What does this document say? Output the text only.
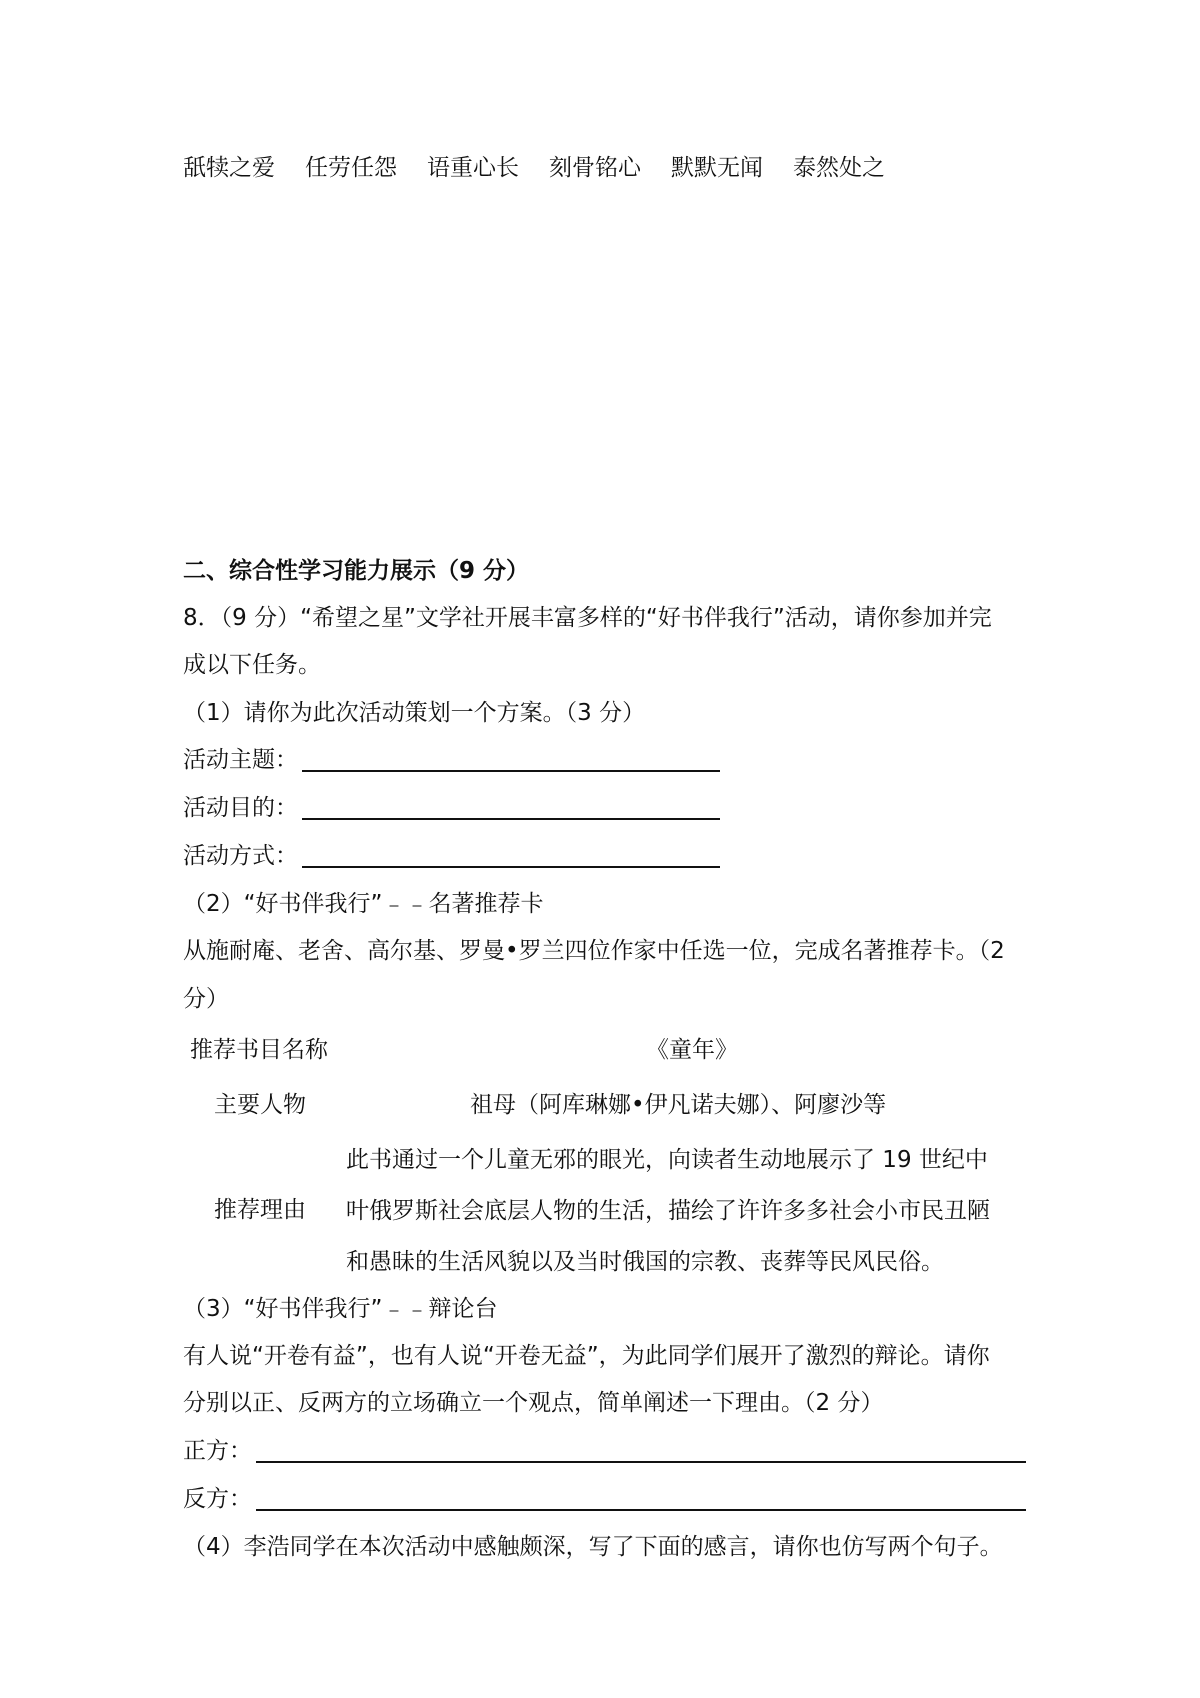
舐犊之爱 任劳任怨 语重心长 刻骨铭心 默默无闻 泰然处之
二、综合性学习能力展示（9 分）
8．（9 分）“希望之星”文学社开展丰富多样的“好书伴我行”活动，请你参加并完
成以下任务。
（1）请你为此次活动策划一个方案。（3 分）
活动主题：
活动目的：
活动方式：
（2）“好书伴我行”﹣﹣名著推荐卡
从施耐庵、老舍、高尔基、罗曼•罗兰四位作家中任选一位，完成名著推荐卡。（2
分）
推荐书目名称	《童年》
主要人物	祖母（阿库琳娜•伊凡诺夫娜）、阿廖沙等
推荐理由
此书通过一个儿童无邪的眼光，向读者生动地展示了 19 世纪中
叶俄罗斯社会底层人物的生活，描绘了许许多多社会小市民丑陋
和愚昧的生活风貌以及当时俄国的宗教、丧葬等民风民俗。
（3）“好书伴我行”﹣﹣辩论台
有人说“开卷有益”，也有人说“开卷无益”，为此同学们展开了激烈的辩论。请你
分别以正、反两方的立场确立一个观点，简单阐述一下理由。（2 分）
正方：
反方：
（4）李浩同学在本次活动中感触颇深，写了下面的感言，请你也仿写两个句子。
